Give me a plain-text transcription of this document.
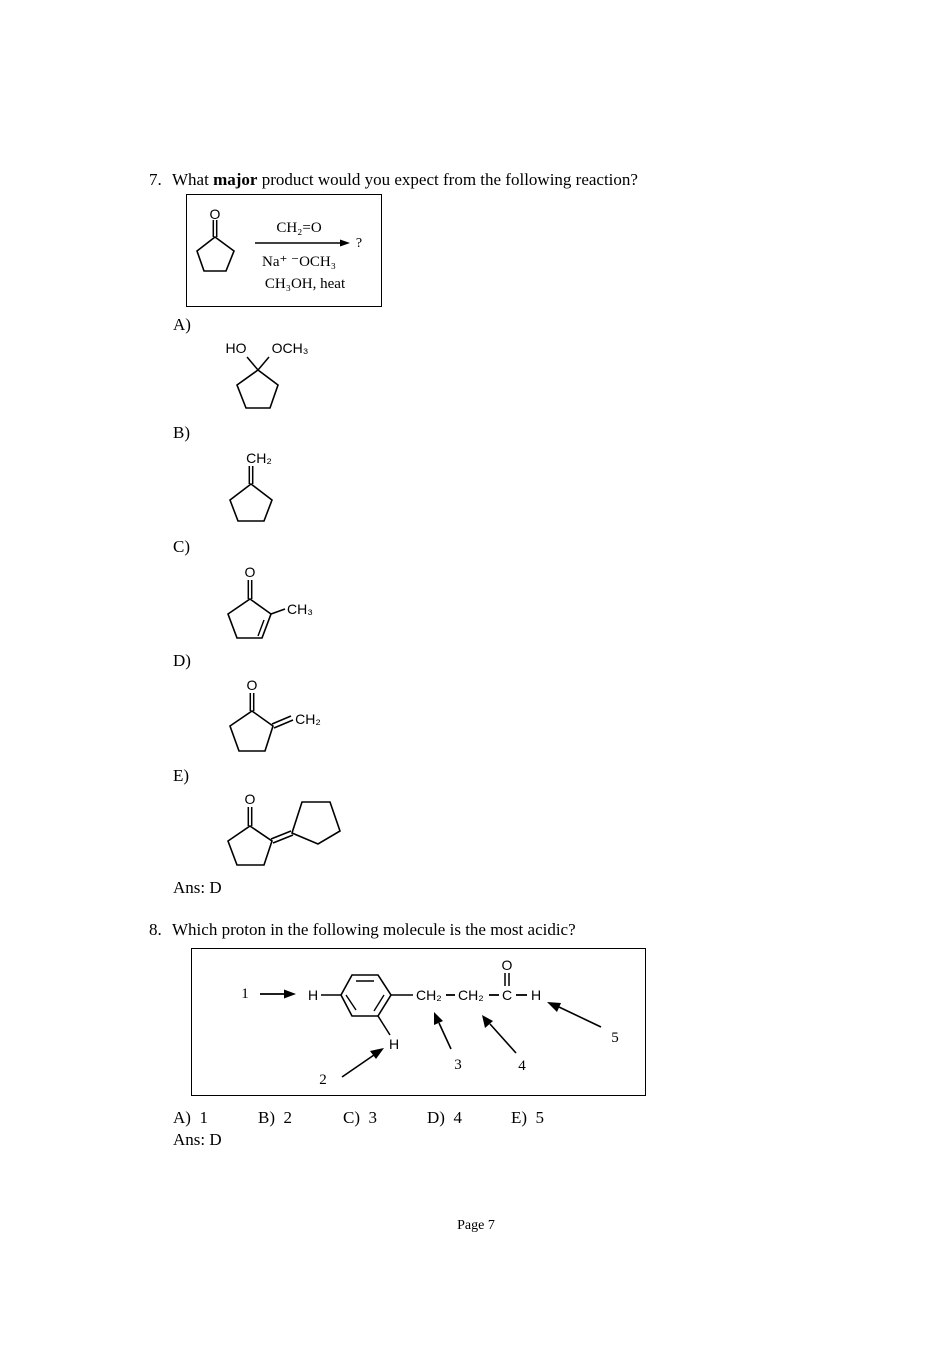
7. What major product would you expect from the following reaction?
O
CH₂=O
Na⁺ ⁻OCH₃
CH₃OH, heat
?
A)
HO OCH₃
B)
CH₂
C)
O
CH₃
D)
O
CH₂
E)
O
Ans: D
8. Which proton in the following molecule is the most acidic?
H
H
CH₂ CH₂ C
O
H
1
2
3	4
5
A) 1	B) 2	C) 3	D) 4	E) 5
Ans: D
Page 7
